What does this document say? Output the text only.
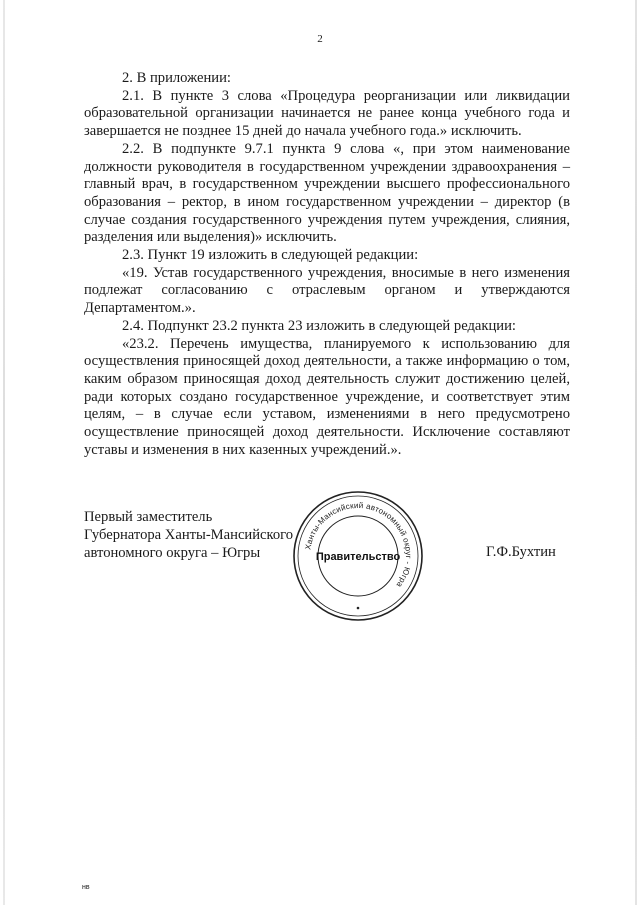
2

2. В приложении:

2.1. В пункте 3 слова «Процедура реорганизации или ликвидации образовательной организации начинается не ранее конца учебного года и завершается не позднее 15 дней до начала учебного года.» исключить.

2.2. В подпункте 9.7.1 пункта 9 слова «, при этом наименование должности руководителя в государственном учреждении здравоохранения – главный врач, в государственном учреждении высшего профессионального образования – ректор, в ином государственном учреждении – директор (в случае создания государственного учреждения путем учреждения, слияния, разделения или выделения)» исключить.

2.3. Пункт 19 изложить в следующей редакции:

«19. Устав государственного учреждения, вносимые в него изменения подлежат согласованию с отраслевым органом и утверждаются Департаментом.».

2.4. Подпункт 23.2 пункта 23 изложить в следующей редакции:

«23.2. Перечень имущества, планируемого к использованию для осуществления приносящей доход деятельности, а также информацию о том, каким образом приносящая доход деятельность служит достижению целей, ради которых создано государственное учреждение, и соответствует этим целям, – в случае если уставом, изменениями в него предусмотрено осуществление приносящей доход деятельности. Исключение составляют уставы и изменения в них казенных учреждений.».

Первый заместитель
Губернатора Ханты-Мансийского
автономного округа – Югры	Ханты-Мансийский автономный округ - Югра
Правительство	Г.Ф.Бухтин
нв
